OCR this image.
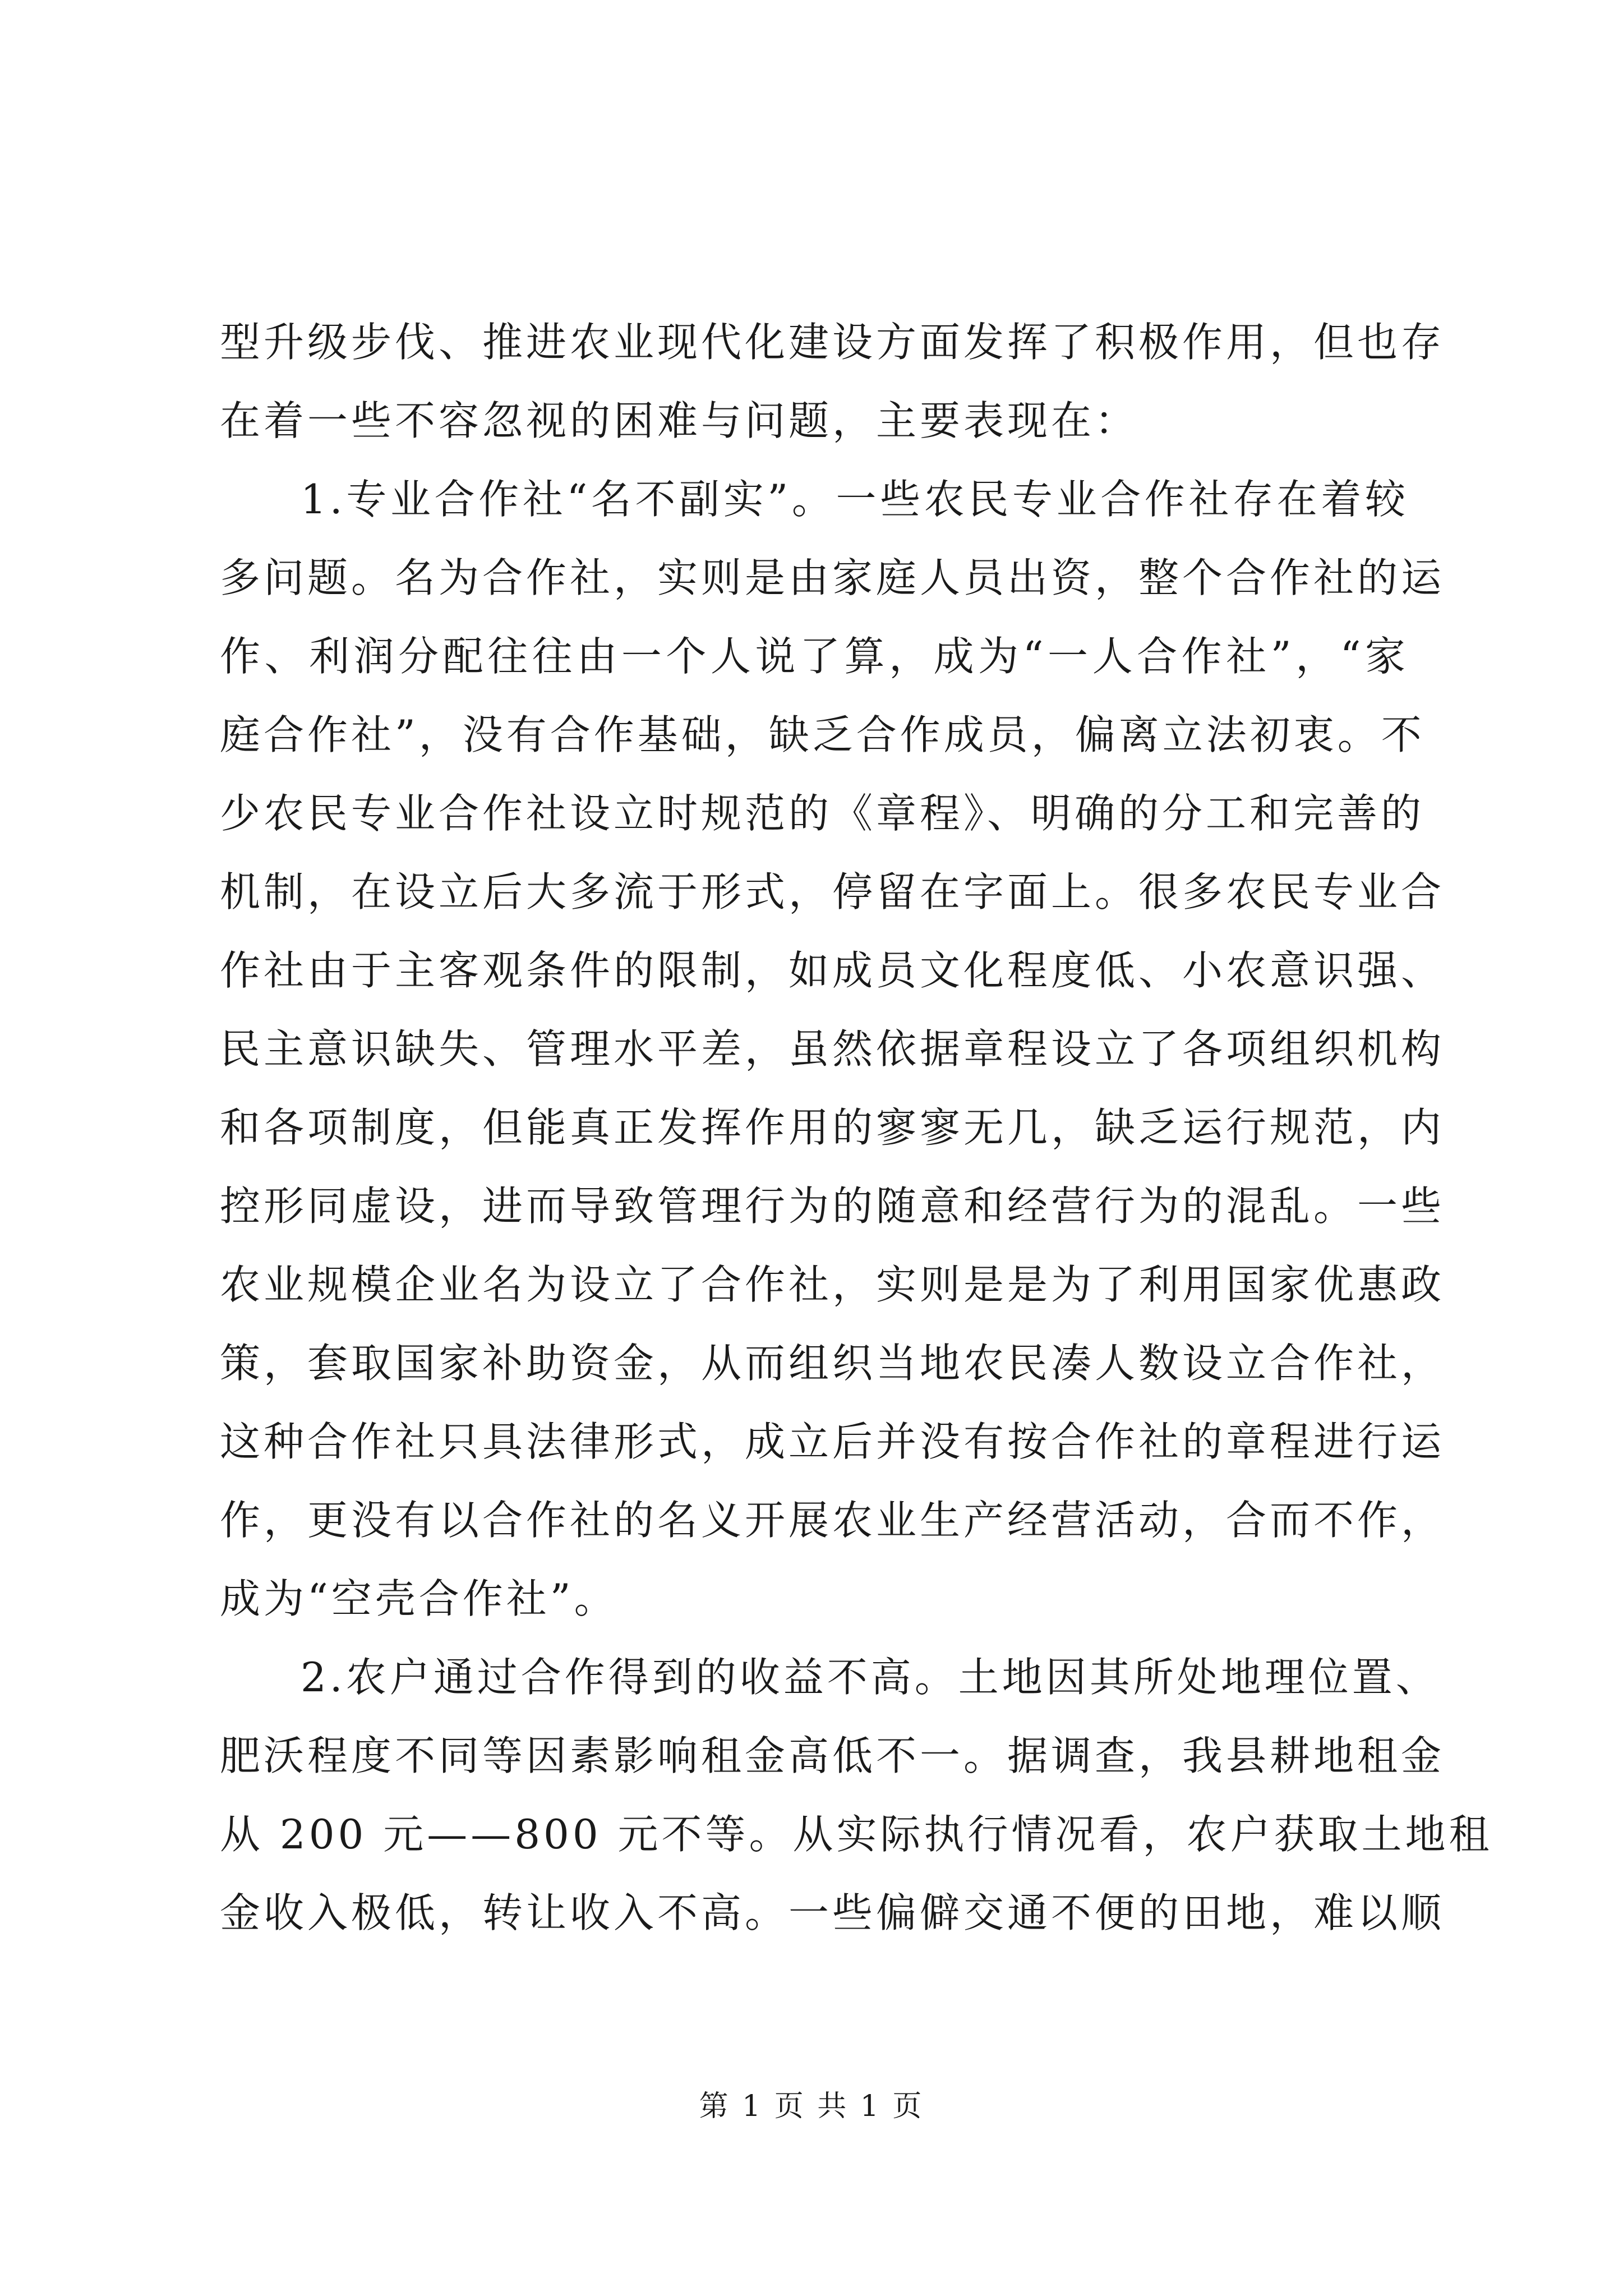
型升级步伐、推进农业现代化建设方面发挥了积极作用，但也存
在着一些不容忽视的困难与问题，主要表现在：
1.专业合作社“名不副实”。一些农民专业合作社存在着较
多问题。名为合作社，实则是由家庭人员出资，整个合作社的运
作、利润分配往往由一个人说了算，成为“一人合作社”，“家
庭合作社”，没有合作基础，缺乏合作成员，偏离立法初衷。不
少农民专业合作社设立时规范的《章程》、明确的分工和完善的
机制，在设立后大多流于形式，停留在字面上。很多农民专业合
作社由于主客观条件的限制，如成员文化程度低、小农意识强、
民主意识缺失、管理水平差，虽然依据章程设立了各项组织机构
和各项制度，但能真正发挥作用的寥寥无几，缺乏运行规范，内
控形同虚设，进而导致管理行为的随意和经营行为的混乱。一些
农业规模企业名为设立了合作社，实则是是为了利用国家优惠政
策，套取国家补助资金，从而组织当地农民凑人数设立合作社，
这种合作社只具法律形式，成立后并没有按合作社的章程进行运
作，更没有以合作社的名义开展农业生产经营活动，合而不作，
成为“空壳合作社”。
2.农户通过合作得到的收益不高。土地因其所处地理位置、
肥沃程度不同等因素影响租金高低不一。据调查，我县耕地租金
从 200 元——800 元不等。从实际执行情况看，农户获取土地租
金收入极低，转让收入不高。一些偏僻交通不便的田地，难以顺
第 1 页 共 1 页
